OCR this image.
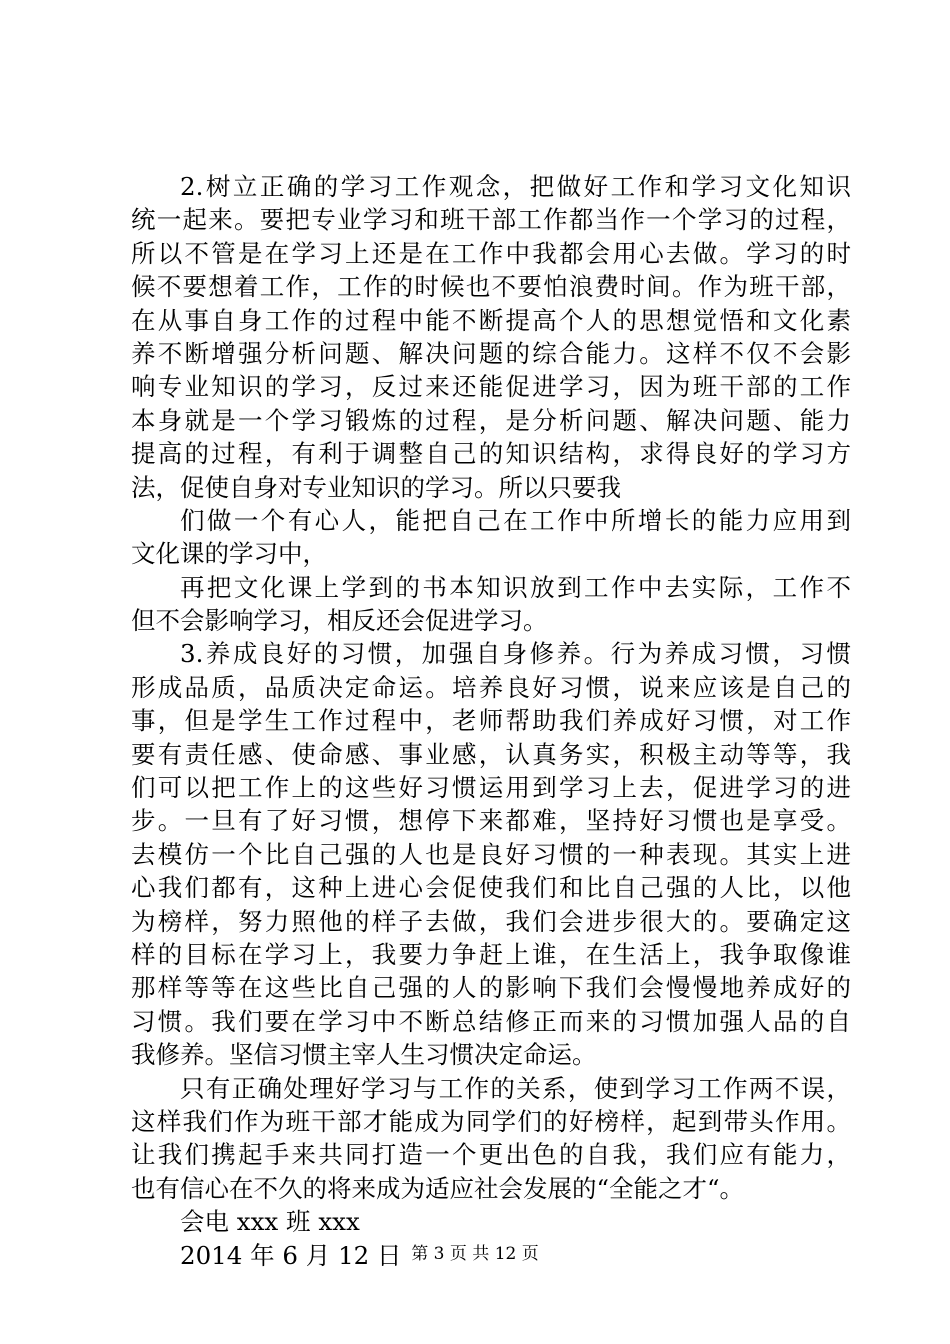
2.树立正确的学习工作观念，把做好工作和学习文化知识
统一起来。要把专业学习和班干部工作都当作一个学习的过程，
所以不管是在学习上还是在工作中我都会用心去做。学习的时
候不要想着工作，工作的时候也不要怕浪费时间。作为班干部，
在从事自身工作的过程中能不断提高个人的思想觉悟和文化素
养不断增强分析问题、解决问题的综合能力。这样不仅不会影
响专业知识的学习，反过来还能促进学习，因为班干部的工作
本身就是一个学习锻炼的过程，是分析问题、解决问题、能力
提高的过程，有利于调整自己的知识结构，求得良好的学习方
法，促使自身对专业知识的学习。所以只要我
们做一个有心人，能把自己在工作中所增长的能力应用到
文化课的学习中，
再把文化课上学到的书本知识放到工作中去实际，工作不
但不会影响学习，相反还会促进学习。
3.养成良好的习惯，加强自身修养。行为养成习惯，习惯
形成品质，品质决定命运。培养良好习惯，说来应该是自己的
事，但是学生工作过程中，老师帮助我们养成好习惯，对工作
要有责任感、使命感、事业感，认真务实，积极主动等等，我
们可以把工作上的这些好习惯运用到学习上去，促进学习的进
步。一旦有了好习惯，想停下来都难，坚持好习惯也是享受。
去模仿一个比自己强的人也是良好习惯的一种表现。其实上进
心我们都有，这种上进心会促使我们和比自己强的人比，以他
为榜样，努力照他的样子去做，我们会进步很大的。要确定这
样的目标在学习上，我要力争赶上谁，在生活上，我争取像谁
那样等等在这些比自己强的人的影响下我们会慢慢地养成好的
习惯。我们要在学习中不断总结修正而来的习惯加强人品的自
我修养。坚信习惯主宰人生习惯决定命运。
只有正确处理好学习与工作的关系，使到学习工作两不误，
这样我们作为班干部才能成为同学们的好榜样，起到带头作用。
让我们携起手来共同打造一个更出色的自我，我们应有能力，
也有信心在不久的将来成为适应社会发展的“全能之才“。
会电 xxx 班 xxx
2014 年 6 月 12 日 第 3 页 共 12 页
